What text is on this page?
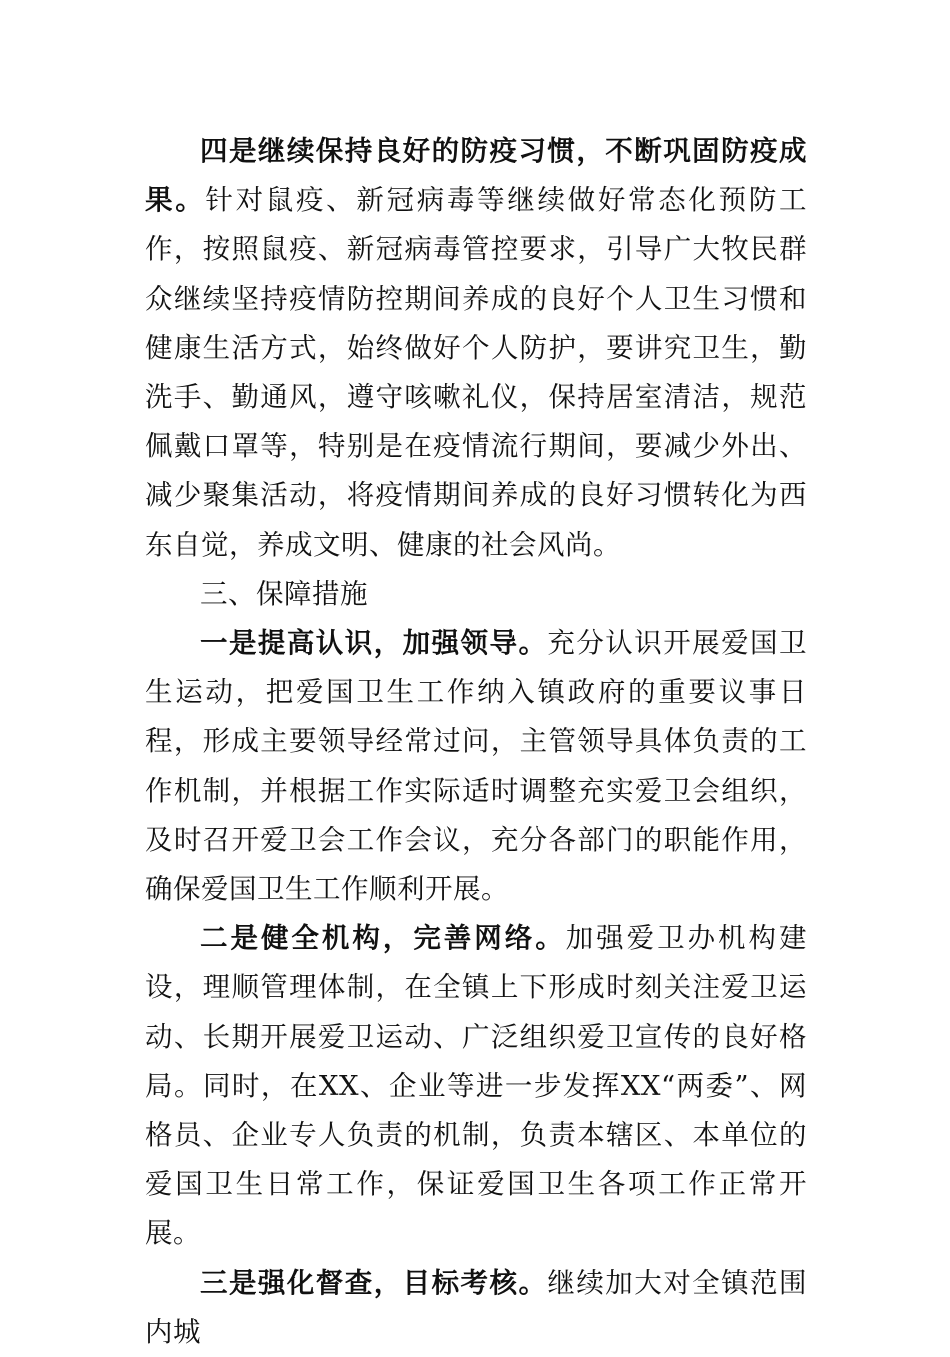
四是继续保持良好的防疫习惯，不断巩固防疫成果。针对鼠疫、新冠病毒等继续做好常态化预防工作，按照鼠疫、新冠病毒管控要求，引导广大牧民群众继续坚持疫情防控期间养成的良好个人卫生习惯和健康生活方式，始终做好个人防护，要讲究卫生，勤洗手、勤通风，遵守咳嗽礼仪，保持居室清洁，规范佩戴口罩等，特别是在疫情流行期间，要减少外出、减少聚集活动，将疫情期间养成的良好习惯转化为西东自觉，养成文明、健康的社会风尚。

三、保障措施

一是提高认识，加强领导。充分认识开展爱国卫生运动，把爱国卫生工作纳入镇政府的重要议事日程，形成主要领导经常过问，主管领导具体负责的工作机制，并根据工作实际适时调整充实爱卫会组织，及时召开爱卫会工作会议，充分各部门的职能作用，确保爱国卫生工作顺利开展。

二是健全机构，完善网络。加强爱卫办机构建设，理顺管理体制，在全镇上下形成时刻关注爱卫运动、长期开展爱卫运动、广泛组织爱卫宣传的良好格局。同时，在XX、企业等进一步发挥XX“两委”、网格员、企业专人负责的机制，负责本辖区、本单位的爱国卫生日常工作，保证爱国卫生各项工作正常开展。

三是强化督查，目标考核。继续加大对全镇范围内城
